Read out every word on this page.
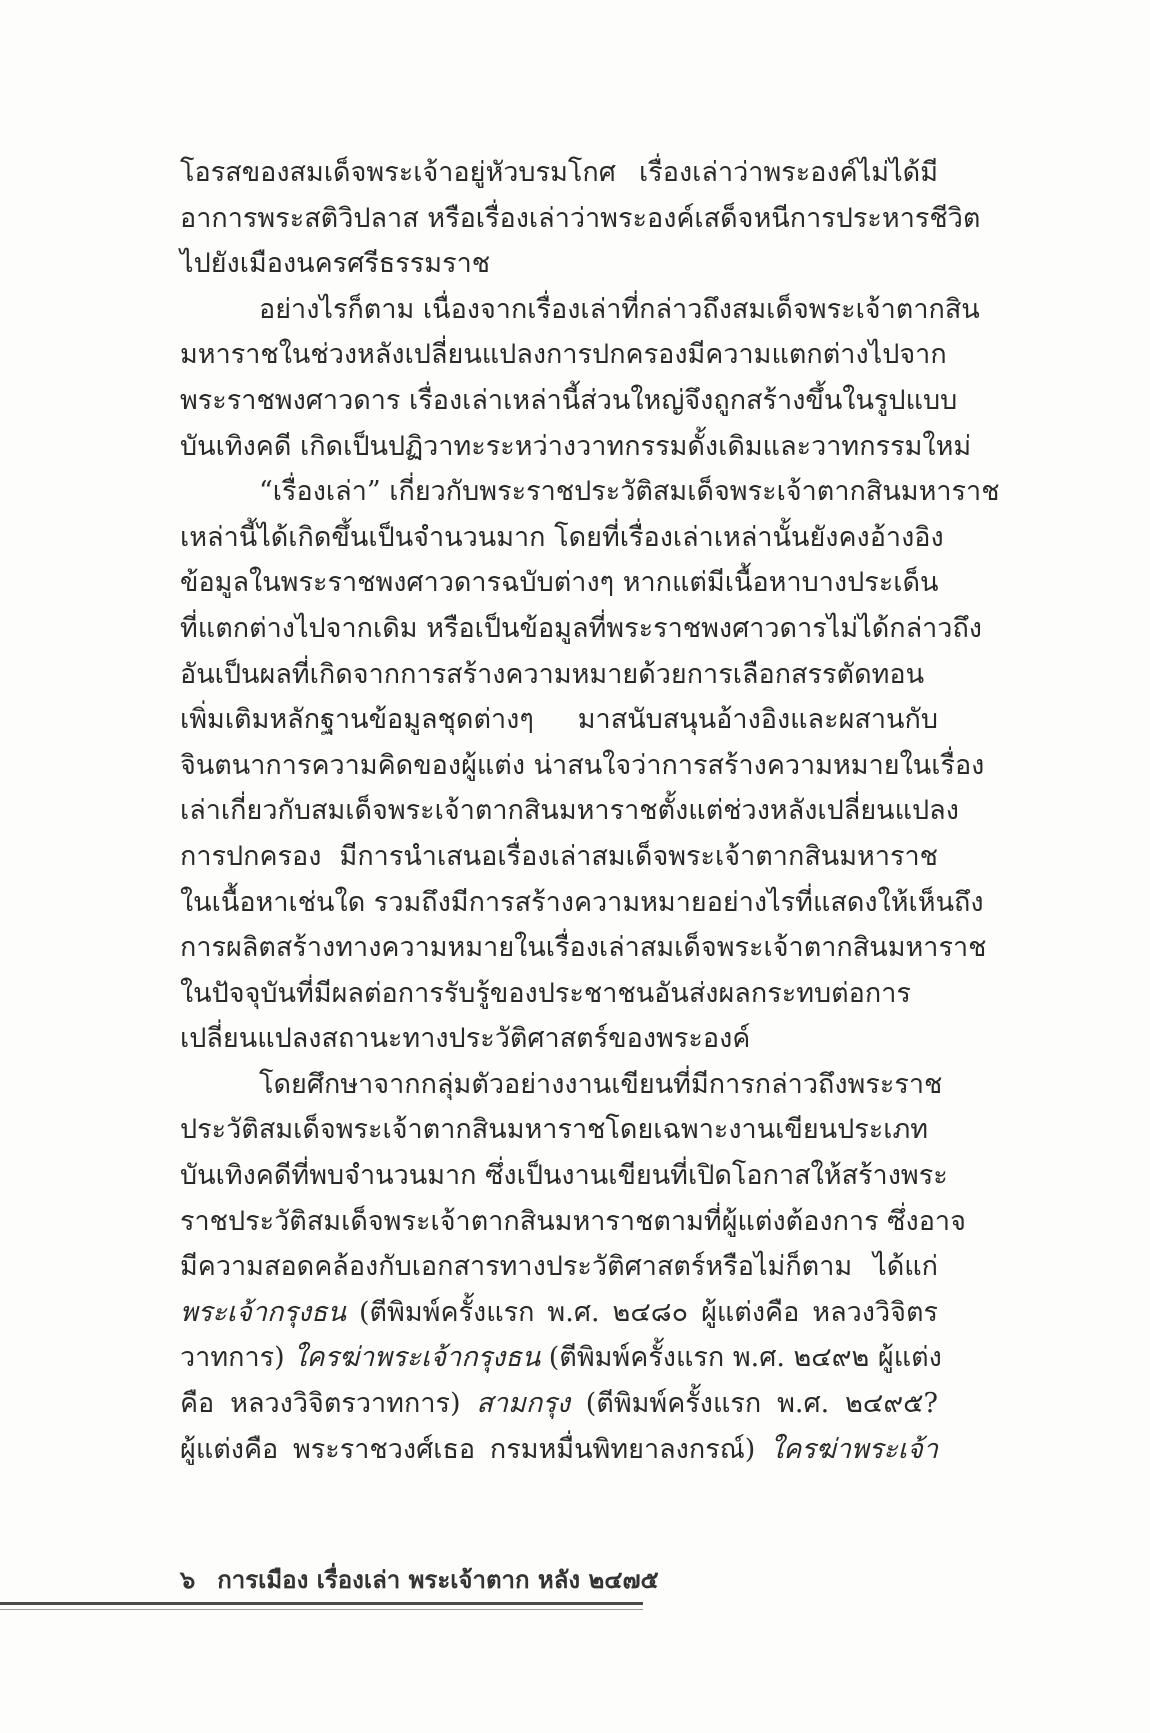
โอรสของสมเด็จพระเจ้าอยู่หัวบรมโกศ เรื่องเล่าว่าพระองค์ไม่ได้มี
อาการพระสติวิปลาส หรือเรื่องเล่าว่าพระองค์เสด็จหนีการประหารชีวิต
ไปยังเมืองนครศรีธรรมราช
อย่างไรก็ตาม เนื่องจากเรื่องเล่าที่กล่าวถึงสมเด็จพระเจ้าตากสิน
มหาราชในช่วงหลังเปลี่ยนแปลงการปกครองมีความแตกต่างไปจาก
พระราชพงศาวดาร เรื่องเล่าเหล่านี้ส่วนใหญ่จึงถูกสร้างขึ้นในรูปแบบ
บันเทิงคดี เกิดเป็นปฏิวาทะระหว่างวาทกรรมดั้งเดิมและวาทกรรมใหม่
“เรื่องเล่า” เกี่ยวกับพระราชประวัติสมเด็จพระเจ้าตากสินมหาราช
เหล่านี้ได้เกิดขึ้นเป็นจำนวนมาก โดยที่เรื่องเล่าเหล่านั้นยังคงอ้างอิง
ข้อมูลในพระราชพงศาวดารฉบับต่างๆ หากแต่มีเนื้อหาบางประเด็น
ที่แตกต่างไปจากเดิม หรือเป็นข้อมูลที่พระราชพงศาวดารไม่ได้กล่าวถึง
อันเป็นผลที่เกิดจากการสร้างความหมายด้วยการเลือกสรรตัดทอน
เพิ่มเติมหลักฐานข้อมูลชุดต่างๆ มาสนับสนุนอ้างอิงและผสานกับ
จินตนาการความคิดของผู้แต่ง น่าสนใจว่าการสร้างความหมายในเรื่อง
เล่าเกี่ยวกับสมเด็จพระเจ้าตากสินมหาราชตั้งแต่ช่วงหลังเปลี่ยนแปลง
การปกครอง มีการนำเสนอเรื่องเล่าสมเด็จพระเจ้าตากสินมหาราช
ในเนื้อหาเช่นใด รวมถึงมีการสร้างความหมายอย่างไรที่แสดงให้เห็นถึง
การผลิตสร้างทางความหมายในเรื่องเล่าสมเด็จพระเจ้าตากสินมหาราช
ในปัจจุบันที่มีผลต่อการรับรู้ของประชาชนอันส่งผลกระทบต่อการ
เปลี่ยนแปลงสถานะทางประวัติศาสตร์ของพระองค์
โดยศึกษาจากกลุ่มตัวอย่างงานเขียนที่มีการกล่าวถึงพระราช
ประวัติสมเด็จพระเจ้าตากสินมหาราชโดยเฉพาะงานเขียนประเภท
บันเทิงคดีที่พบจำนวนมาก ซึ่งเป็นงานเขียนที่เปิดโอกาสให้สร้างพระ
ราชประวัติสมเด็จพระเจ้าตากสินมหาราชตามที่ผู้แต่งต้องการ ซึ่งอาจ
มีความสอดคล้องกับเอกสารทางประวัติศาสตร์หรือไม่ก็ตาม ได้แก่
พระเจ้ากรุงธน (ตีพิมพ์ครั้งแรก พ.ศ. ๒๔๘๐ ผู้แต่งคือ หลวงวิจิตร
วาทการ) ใครฆ่าพระเจ้ากรุงธน (ตีพิมพ์ครั้งแรก พ.ศ. ๒๔๙๒ ผู้แต่ง
คือ หลวงวิจิตรวาทการ) สามกรุง (ตีพิมพ์ครั้งแรก พ.ศ. ๒๔๙๕?
ผู้แต่งคือ พระราชวงศ์เธอ กรมหมื่นพิทยาลงกรณ์) ใครฆ่าพระเจ้า
๖ การเมือง เรื่องเล่า พระเจ้าตาก หลัง ๒๔๗๕
